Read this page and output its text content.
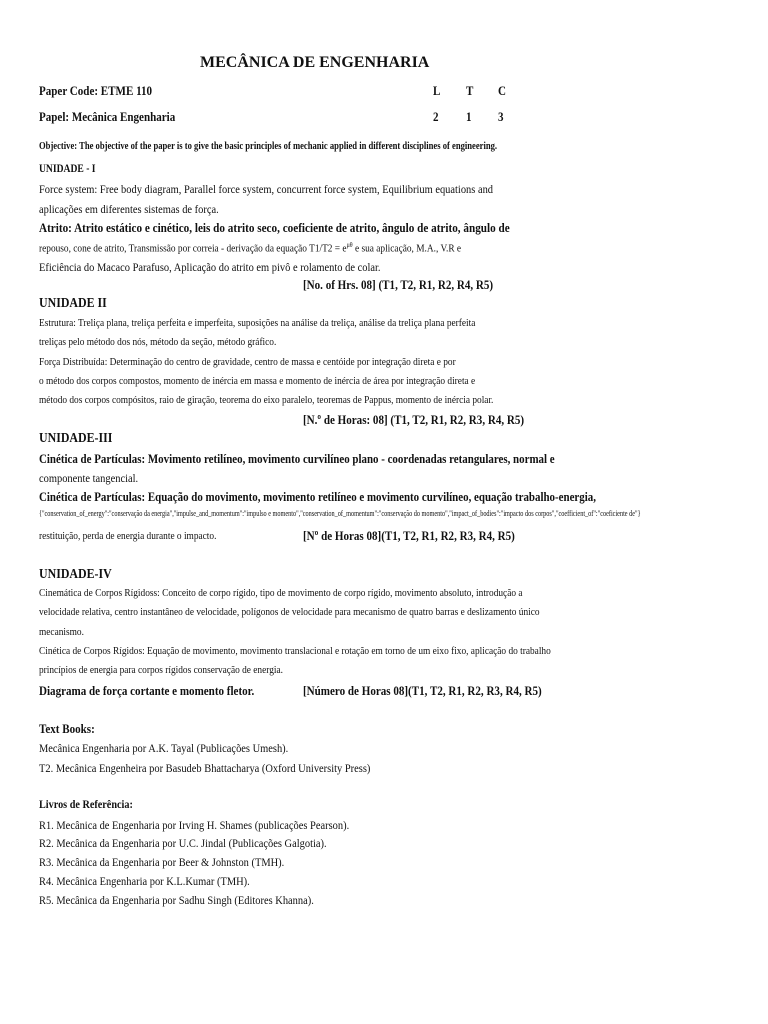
MECÂNICA DE ENGENHARIA
Paper Code: ETME 110	L T C
Papel: Mecânica Engenharia	2 1 3
Objective: The objective of the paper is to give the basic principles of mechanic applied in different disciplines of engineering.
UNIDADE - I
Force system: Free body diagram, Parallel force system, concurrent force system, Equilibrium equations and
aplicações em diferentes sistemas de força.
Atrito: Atrito estático e cinético, leis do atrito seco, coeficiente de atrito, ângulo de atrito, ângulo de
repouso, cone de atrito, Transmissão por correia - derivação da equação $T1/T2 = e^{\mu\theta}$ e sua aplicação, M.A., V.R e
Eficiência do Macaco Parafuso, Aplicação do atrito em pivô e rolamento de colar.
[No. of Hrs. 08] (T1, T2, R1, R2, R4, R5)
UNIDADE II
Estrutura: Treliça plana, treliça perfeita e imperfeita, suposições na análise da treliça, análise da treliça plana perfeita
treliças pelo método dos nós, método da seção, método gráfico.
Força Distribuída: Determinação do centro de gravidade, centro de massa e centóide por integração direta e por
o método dos corpos compostos, momento de inércia em massa e momento de inércia de área por integração direta e
método dos corpos compósitos, raio de giração, teorema do eixo paralelo, teoremas de Pappus, momento de inércia polar.
[N.º de Horas: 08] (T1, T2, R1, R2, R3, R4, R5)
UNIDADE-III
Cinética de Partículas: Movimento retilíneo, movimento curvilíneo plano - coordenadas retangulares, normal e
componente tangencial.
Cinética de Partículas: Equação do movimento, movimento retilíneo e movimento curvilíneo, equação trabalho-energia,
{"conservation_of_energy":"conservação da energia","impulse_and_momentum":"impulso e momento","conservation_of_momentum":"conservação do momento","impact_of_bodies":"impacto dos corpos","coefficient_of":"coeficiente de"}
restituição, perda de energia durante o impacto.	[Nº de Horas 08](T1, T2, R1, R2, R3, R4, R5)
UNIDADE-IV
Cinemática de Corpos Rígidoss: Conceito de corpo rígido, tipo de movimento de corpo rígido, movimento absoluto, introdução a
velocidade relativa, centro instantâneo de velocidade, polígonos de velocidade para mecanismo de quatro barras e deslizamento único
mecanismo.
Cinética de Corpos Rígidos: Equação de movimento, movimento translacional e rotação em torno de um eixo fixo, aplicação do trabalho
princípios de energia para corpos rígidos conservação de energia.
Diagrama de força cortante e momento fletor.	[Número de Horas 08](T1, T2, R1, R2, R3, R4, R5)
Text Books:
Mecânica Engenharia por A.K. Tayal (Publicações Umesh).
T2. Mecânica Engenheira por Basudeb Bhattacharya (Oxford University Press)
Livros de Referência:
R1. Mecânica de Engenharia por Irving H. Shames (publicações Pearson).
R2. Mecânica da Engenharia por U.C. Jindal (Publicações Galgotia).
R3. Mecânica da Engenharia por Beer & Johnston (TMH).
R4. Mecânica Engenharia por K.L.Kumar (TMH).
R5. Mecânica da Engenharia por Sadhu Singh (Editores Khanna).
